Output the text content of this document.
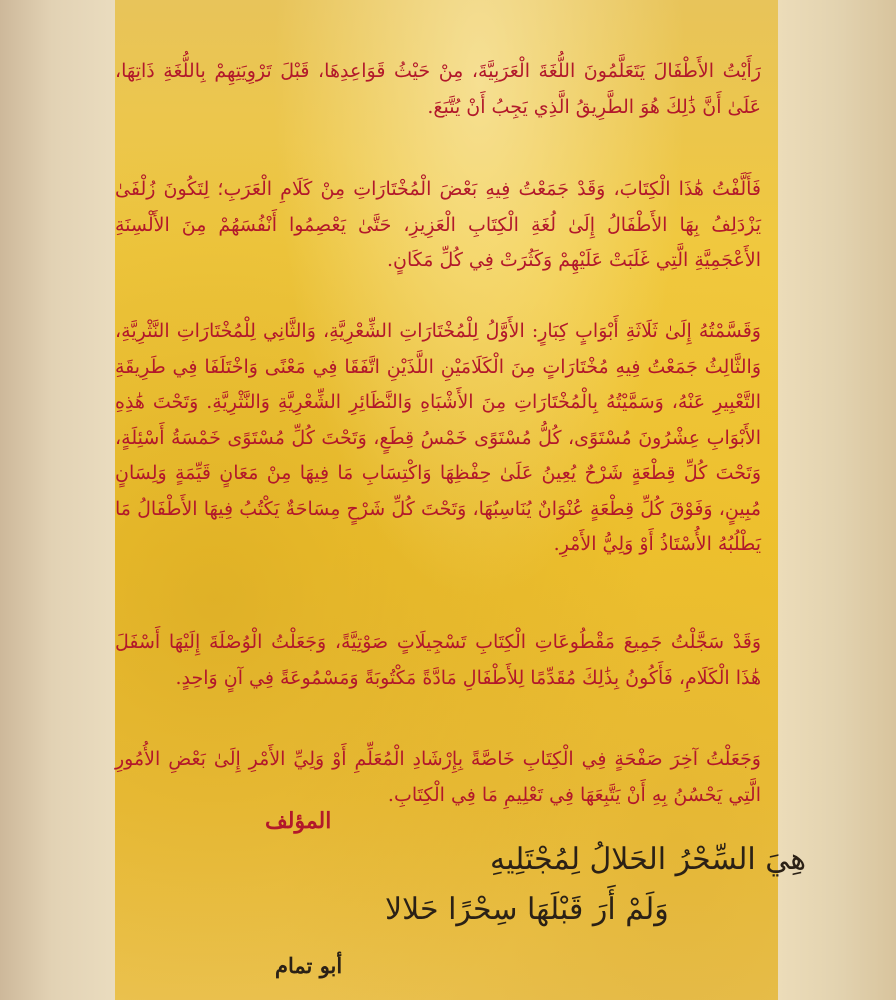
رَأَيْتُ الأَطْفَالَ يَتَعَلَّمُونَ اللُّغَةَ الْعَرَبِيَّةَ، مِنْ حَيْثُ قَوَاعِدِهَا، قَبْلَ تَرْوِيَتِهِمْ بِاللُّغَةِ ذَاتِهَا، عَلَىٰ أَنَّ ذَٰلِكَ هُوَ الطَّرِيقُ الَّذِي يَجِبُ أَنْ يُتَّبَعَ.

فَأَلَّفْتُ هَٰذَا الْكِتَابَ، وَقَدْ جَمَعْتُ فِيهِ بَعْضَ الْمُخْتَارَاتِ مِنْ كَلَامِ الْعَرَبِ؛ لِتَكُونَ زُلْفَىٰ يَزْدَلِفُ بِهَا الأَطْفَالُ إِلَىٰ لُغَةِ الْكِتَابِ الْعَزِيزِ، حَتَّىٰ يَعْصِمُوا أَنْفُسَهُمْ مِنَ الأَلْسِنَةِ الأَعْجَمِيَّةِ الَّتِي غَلَبَتْ عَلَيْهِمْ وَكَثُرَتْ فِي كُلِّ مَكَانٍ.

وَقَسَّمْتُهُ إِلَىٰ ثَلَاثَةِ أَبْوَابٍ كِبَارٍ: الأَوَّلُ لِلْمُخْتَارَاتِ الشِّعْرِيَّةِ، وَالثَّانِي لِلْمُخْتَارَاتِ النَّثْرِيَّةِ، وَالثَّالِثُ جَمَعْتُ فِيهِ مُخْتَارَاتٍ مِنَ الْكَلَامَيْنِ اللَّذَيْنِ اتَّفَقَا فِي مَعْنًى وَاخْتَلَفَا فِي طَرِيقَةِ التَّعْبِيرِ عَنْهُ، وَسَمَّيْتُهُ بِالْمُخْتَارَاتِ مِنَ الأَشْبَاهِ وَالنَّظَائِرِ الشِّعْرِيَّةِ وَالنَّثْرِيَّةِ. وَتَحْتَ هَٰذِهِ الأَبْوَابِ عِشْرُونَ مُسْتَوًى، كُلُّ مُسْتَوًى خَمْسُ قِطَعٍ، وَتَحْتَ كُلِّ مُسْتَوًى خَمْسَةُ أَسْئِلَةٍ، وَتَحْتَ كُلِّ قِطْعَةٍ شَرْحٌ يُعِينُ عَلَىٰ حِفْظِهَا وَاكْتِسَابِ مَا فِيهَا مِنْ مَعَانٍ قَيِّمَةٍ وَلِسَانٍ مُبِينٍ، وَفَوْقَ كُلِّ قِطْعَةٍ عُنْوَانٌ يُنَاسِبُهَا، وَتَحْتَ كُلِّ شَرْحٍ مِسَاحَةٌ يَكْتُبُ فِيهَا الأَطْفَالُ مَا يَطْلُبُهُ الأُسْتَاذُ أَوْ وَلِيُّ الأَمْرِ.

وَقَدْ سَجَّلْتُ جَمِيعَ مَقْطُوعَاتِ الْكِتَابِ تَسْجِيلَاتٍ صَوْتِيَّةً، وَجَعَلْتُ الْوُصْلَةَ إِلَيْهَا أَسْفَلَ هَٰذَا الْكَلَامِ، فَأَكُونُ بِذَٰلِكَ مُقَدِّمًا لِلأَطْفَالِ مَادَّةً مَكْتُوبَةً وَمَسْمُوعَةً فِي آنٍ وَاحِدٍ.

وَجَعَلْتُ آخِرَ صَفْحَةٍ فِي الْكِتَابِ خَاصَّةً بِإِرْشَادِ الْمُعَلِّمِ أَوْ وَلِيِّ الأَمْرِ إِلَىٰ بَعْضِ الأُمُورِ الَّتِي يَحْسُنُ بِهِ أَنْ يَتَّبِعَهَا فِي تَعْلِيمِ مَا فِي الْكِتَابِ.

المؤلف

هِيَ السِّحْرُ الحَلالُ لِمُجْتَلِيهِ

وَلَمْ أَرَ قَبْلَهَا سِحْرًا حَلالا

أبو تمام
